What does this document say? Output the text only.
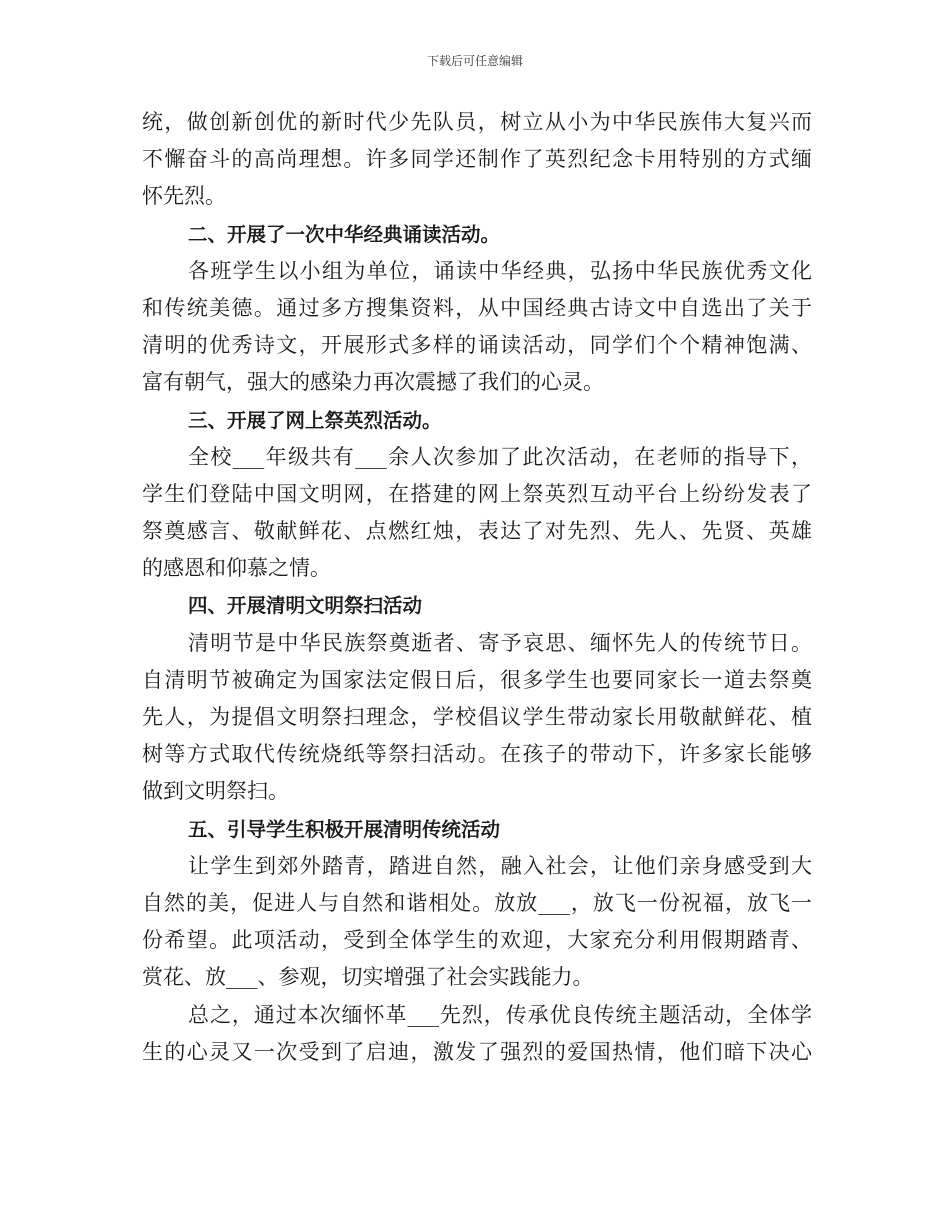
下载后可任意编辑
统，做创新创优的新时代少先队员，树立从小为中华民族伟大复兴而
不懈奋斗的高尚理想。许多同学还制作了英烈纪念卡用特别的方式缅
怀先烈。
二、开展了一次中华经典诵读活动。
各班学生以小组为单位，诵读中华经典，弘扬中华民族优秀文化
和传统美德。通过多方搜集资料，从中国经典古诗文中自选出了关于
清明的优秀诗文，开展形式多样的诵读活动，同学们个个精神饱满、
富有朝气，强大的感染力再次震撼了我们的心灵。
三、开展了网上祭英烈活动。
全校___年级共有___余人次参加了此次活动，在老师的指导下，
学生们登陆中国文明网，在搭建的网上祭英烈互动平台上纷纷发表了
祭奠感言、敬献鲜花、点燃红烛，表达了对先烈、先人、先贤、英雄
的感恩和仰慕之情。
四、开展清明文明祭扫活动
清明节是中华民族祭奠逝者、寄予哀思、缅怀先人的传统节日。
自清明节被确定为国家法定假日后，很多学生也要同家长一道去祭奠
先人，为提倡文明祭扫理念，学校倡议学生带动家长用敬献鲜花、植
树等方式取代传统烧纸等祭扫活动。在孩子的带动下，许多家长能够
做到文明祭扫。
五、引导学生积极开展清明传统活动
让学生到郊外踏青，踏进自然，融入社会，让他们亲身感受到大
自然的美，促进人与自然和谐相处。放放___，放飞一份祝福，放飞一
份希望。此项活动，受到全体学生的欢迎，大家充分利用假期踏青、
赏花、放___、参观，切实增强了社会实践能力。
总之，通过本次缅怀革___先烈，传承优良传统主题活动，全体学
生的心灵又一次受到了启迪，激发了强烈的爱国热情，他们暗下决心
